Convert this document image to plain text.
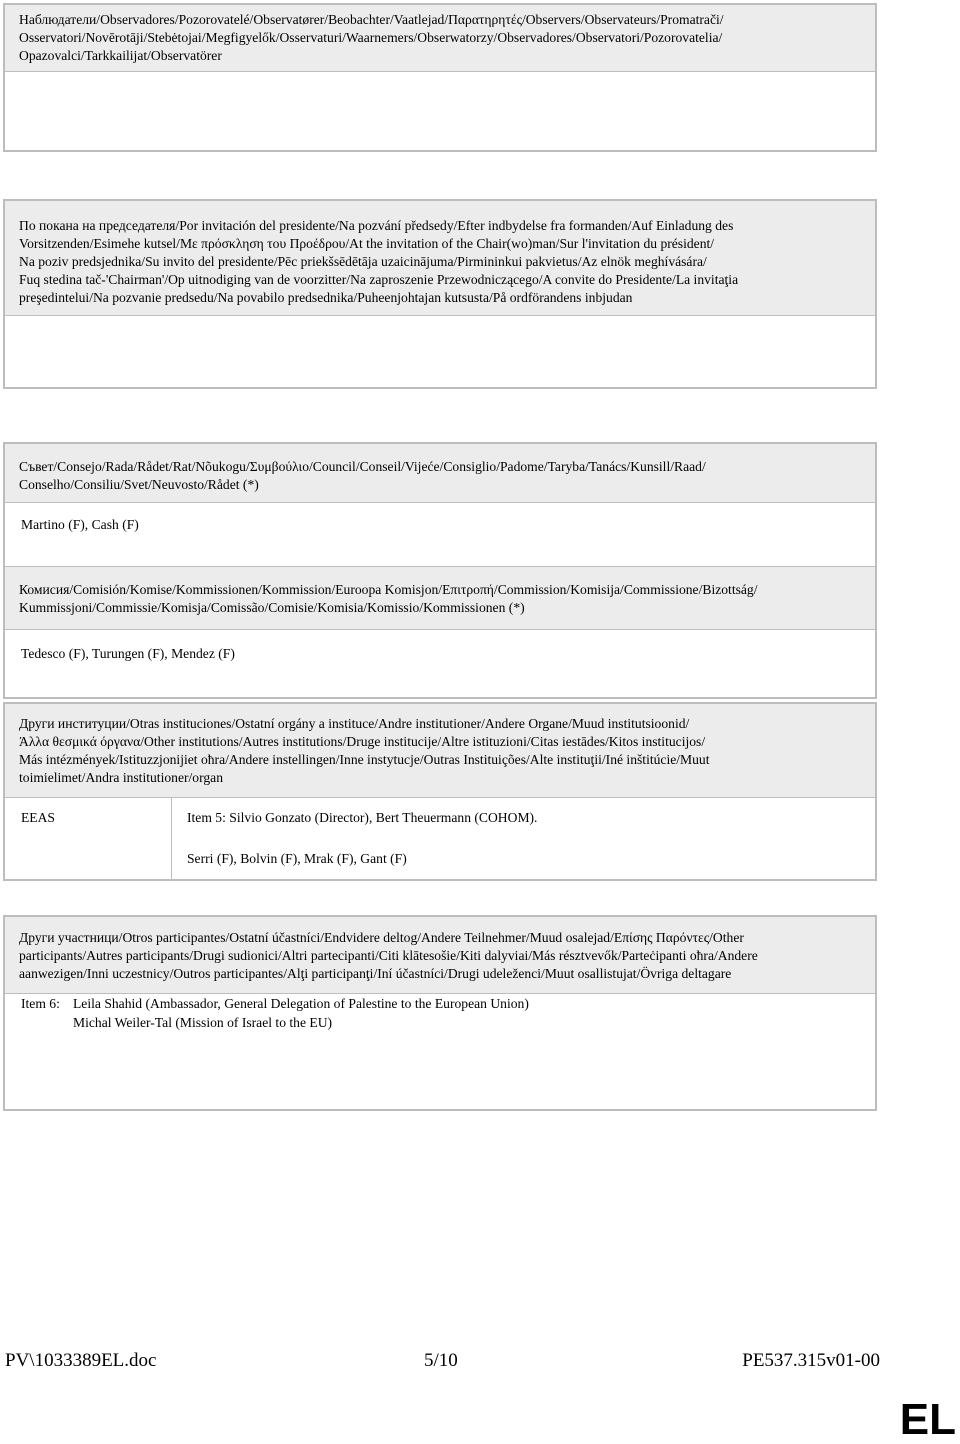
Наблюдатели/Observadores/Pozorovatelé/Observatører/Beobachter/Vaatlejad/Παρατηρητές/Observers/Observateurs/Promatrači/
Osservatori/Novērotāji/Stebėtojai/Megfigyelők/Osservaturi/Waarnemers/Obserwatorzy/Observadores/Observatori/Pozorovatelia/
Opazovalci/Tarkkailijat/Observatörer
По покана на председателя/Por invitación del presidente/Na pozvání předsedy/Efter indbydelse fra formanden/Auf Einladung des
Vorsitzenden/Esimehe kutsel/Με πρόσκληση του Προέδρου/At the invitation of the Chair(wo)man/Sur l'invitation du président/
Na poziv predsjednika/Su invito del presidente/Pēc priekšsēdētāja uzaicinājuma/Pirmininkui pakvietus/Az elnök meghívására/
Fuq stedina tač-'Chairman'/Op uitnodiging van de voorzitter/Na zaproszenie Przewodniczącego/A convite do Presidente/La invitaţia
preşedintelui/Na pozvanie predsedu/Na povabilo predsednika/Puheenjohtajan kutsusta/På ordförandens inbjudan
Съвет/Consejo/Rada/Rådet/Rat/Nõukogu/Συμβούλιο/Council/Conseil/Vijeće/Consiglio/Padome/Taryba/Tanács/Kunsill/Raad/
Conselho/Consiliu/Svet/Neuvosto/Rådet (*)
Martino (F), Cash (F)
Комисия/Comisión/Komise/Kommissionen/Kommission/Euroopa Komisjon/Επιτροπή/Commission/Komisija/Commissione/Bizottság/
Kummissjoni/Commissie/Komisja/Comissão/Comisie/Komisia/Komissio/Kommissionen (*)
Tedesco (F), Turungen (F), Mendez (F)
Други институции/Otras instituciones/Ostatní orgány a instituce/Andre institutioner/Andere Organe/Muud institutsioonid/
Άλλα θεσμικά όργανα/Other institutions/Autres institutions/Druge institucije/Altre istituzioni/Citas iestādes/Kitos institucijos/
Más intézmények/Istituzzjonijiet oħra/Andere instellingen/Inne instytucje/Outras Instituições/Alte instituţii/Iné inštitúcie/Muut
toimielimet/Andra institutioner/organ
EEAS	Item 5: Silvio Gonzato (Director), Bert Theuermann (COHOM).
Serri (F), Bolvin (F), Mrak (F), Gant (F)
Други участници/Otros participantes/Ostatní účastníci/Endvidere deltog/Andere Teilnehmer/Muud osalejad/Επίσης Παρόντες/Other
participants/Autres participants/Drugi sudionici/Altri partecipanti/Citi klātesošie/Kiti dalyviai/Más résztvevők/Parteċipanti oħra/Andere
aanwezigen/Inni uczestnicy/Outros participantes/Alţi participanţi/Iní účastníci/Drugi udeleženci/Muut osallistujat/Övriga deltagare
Item 6: Leila Shahid (Ambassador, General Delegation of Palestine to the European Union)
Michal Weiler-Tal (Mission of Israel to the EU)
PV\1033389EL.doc	5/10	PE537.315v01-00
EL
